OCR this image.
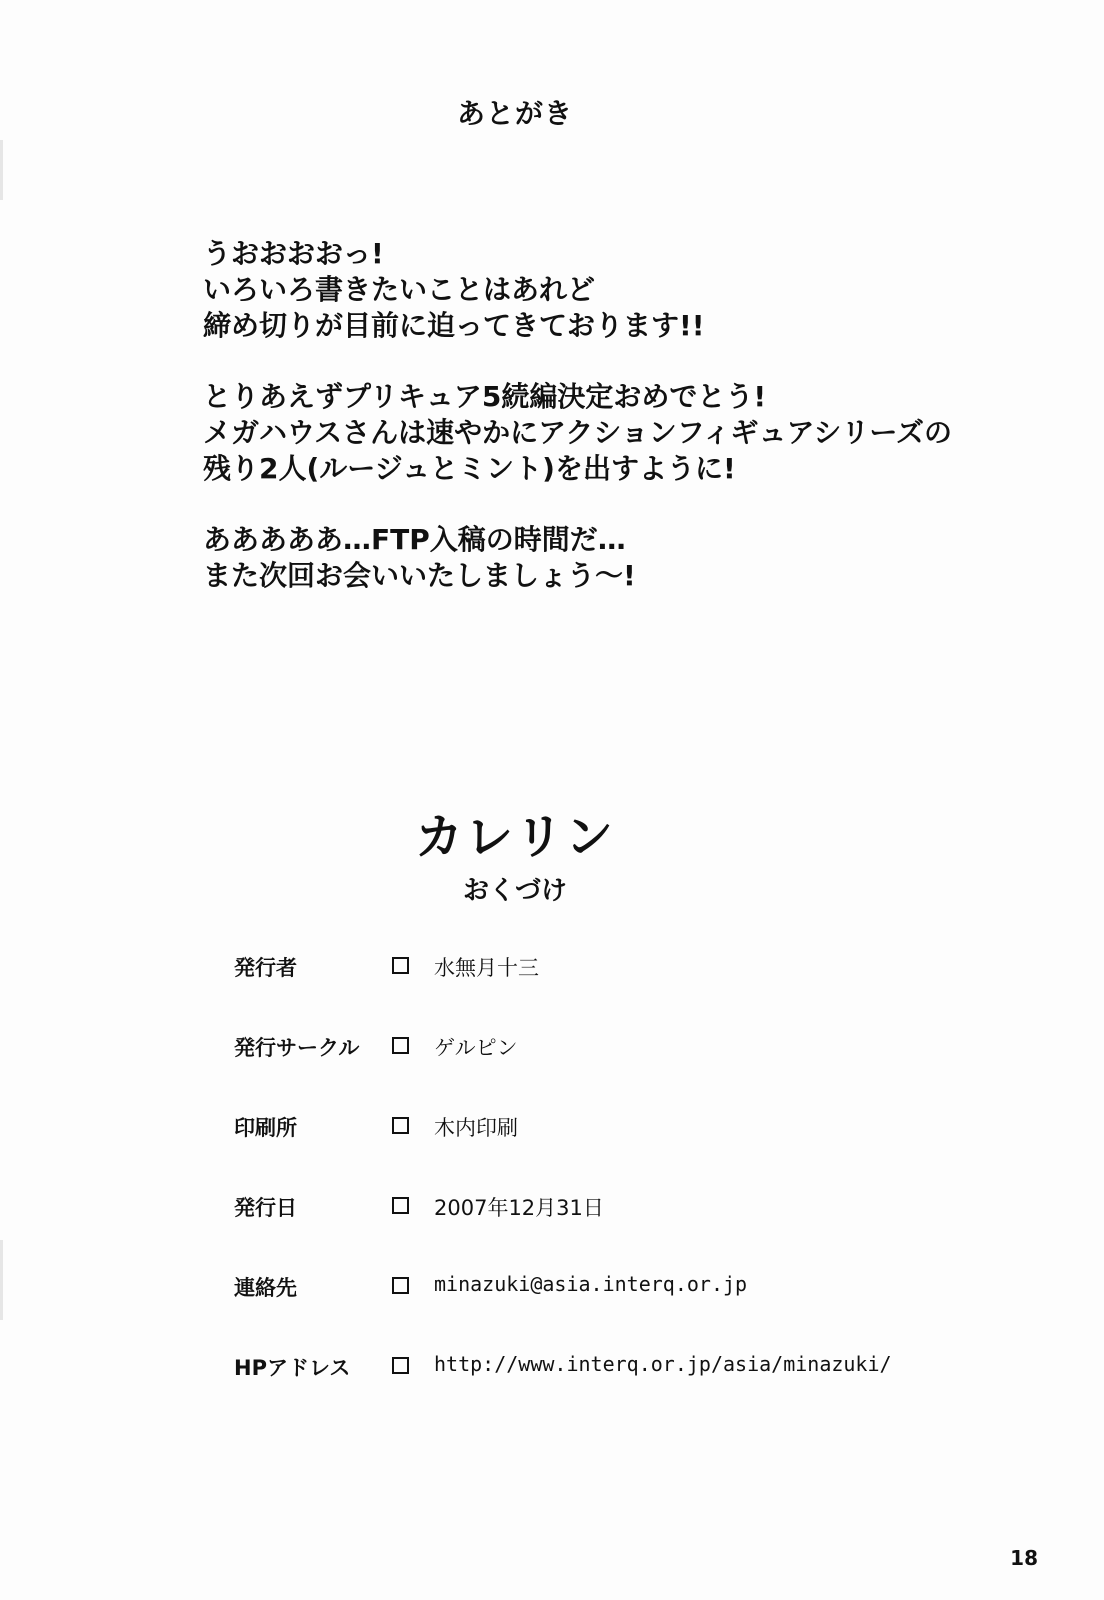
あとがき
うおおおおっ!
いろいろ書きたいことはあれど
締め切りが目前に迫ってきております!!
とりあえずプリキュア5続編決定おめでとう!
メガハウスさんは速やかにアクションフィギュアシリーズの
残り2人(ルージュとミント)を出すように!
あああああ…FTP入稿の時間だ…
また次回お会いいたしましょう〜!
カレリン
おくづけ
発行者	水無月十三
発行サークル	ゲルピン
印刷所	木内印刷
発行日	2007年12月31日
連絡先	minazuki@asia.interq.or.jp
HPアドレス	http://www.interq.or.jp/asia/minazuki/
18
